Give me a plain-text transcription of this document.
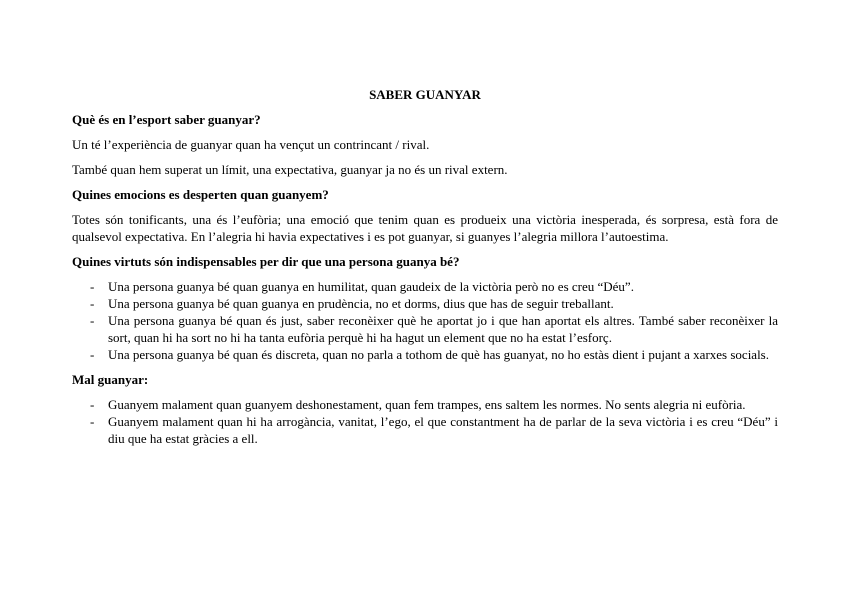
SABER GUANYAR
Què és en l’esport saber guanyar?

Un té l’experiència de guanyar quan ha vençut un contrincant / rival.

També quan hem superat un límit, una expectativa, guanyar ja no és un rival extern.

Quines emocions es desperten quan guanyem?

Totes són tonificants, una és l’eufòria; una emoció que tenim quan es produeix una victòria inesperada, és sorpresa, està fora de qualsevol expectativa. En l’alegria hi havia expectatives i es pot guanyar, si guanyes l’alegria millora l’autoestima.

Quines virtuts són indispensables per dir que una persona guanya bé?
- Una persona guanya bé quan guanya en humilitat, quan gaudeix de la victòria però no es creu “Déu”.
- Una persona guanya bé quan guanya en prudència, no et dorms, dius que has de seguir treballant.
- Una persona guanya bé quan és just, saber reconèixer què he aportat jo i que han aportat els altres. També saber reconèixer la sort, quan hi ha sort no hi ha tanta eufòria perquè hi ha hagut un element que no ha estat l’esforç.
- Una persona guanya bé quan és discreta, quan no parla a tothom de què has guanyat, no ho estàs dient i pujant a xarxes socials.
Mal guanyar:
- Guanyem malament quan guanyem deshonestament, quan fem trampes, ens saltem les normes. No sents alegria ni eufòria.
- Guanyem malament quan hi ha arrogància, vanitat, l’ego, el que constantment ha de parlar de la seva victòria i es creu “Déu” i diu que ha estat gràcies a ell.
